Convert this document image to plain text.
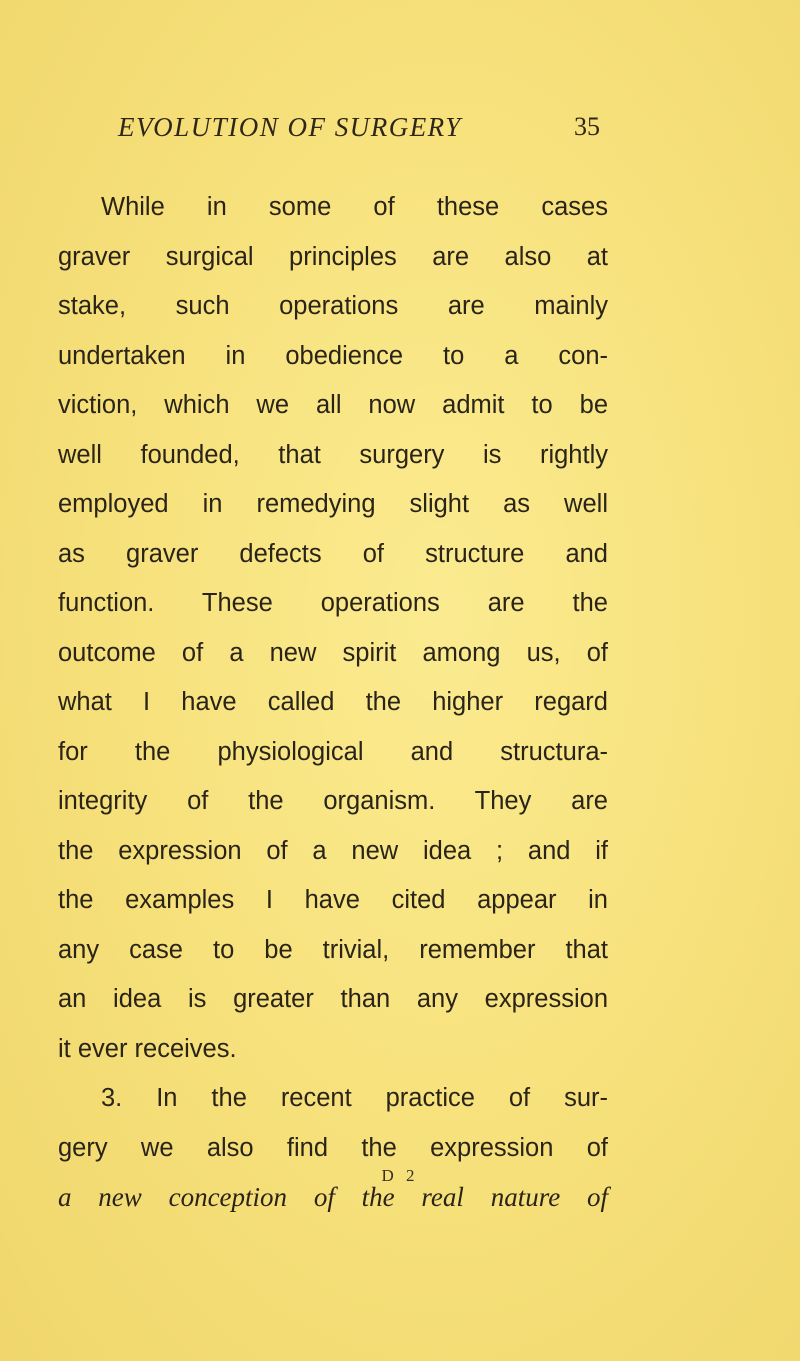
EVOLUTION OF SURGERY	35
While in some of these cases
graver surgical principles are also at
stake, such operations are mainly
undertaken in obedience to a con-
viction, which we all now admit to be
well founded, that surgery is rightly
employed in remedying slight as well
as graver defects of structure and
function. These operations are the
outcome of a new spirit among us, of
what I have called the higher regard
for the physiological and structura-
integrity of the organism. They are
the expression of a new idea ; and if
the examples I have cited appear in
any case to be trivial, remember that
an idea is greater than any expression
it ever receives.
3. In the recent practice of sur-
gery we also find the expression of
a new conception of the real nature of
D 2
